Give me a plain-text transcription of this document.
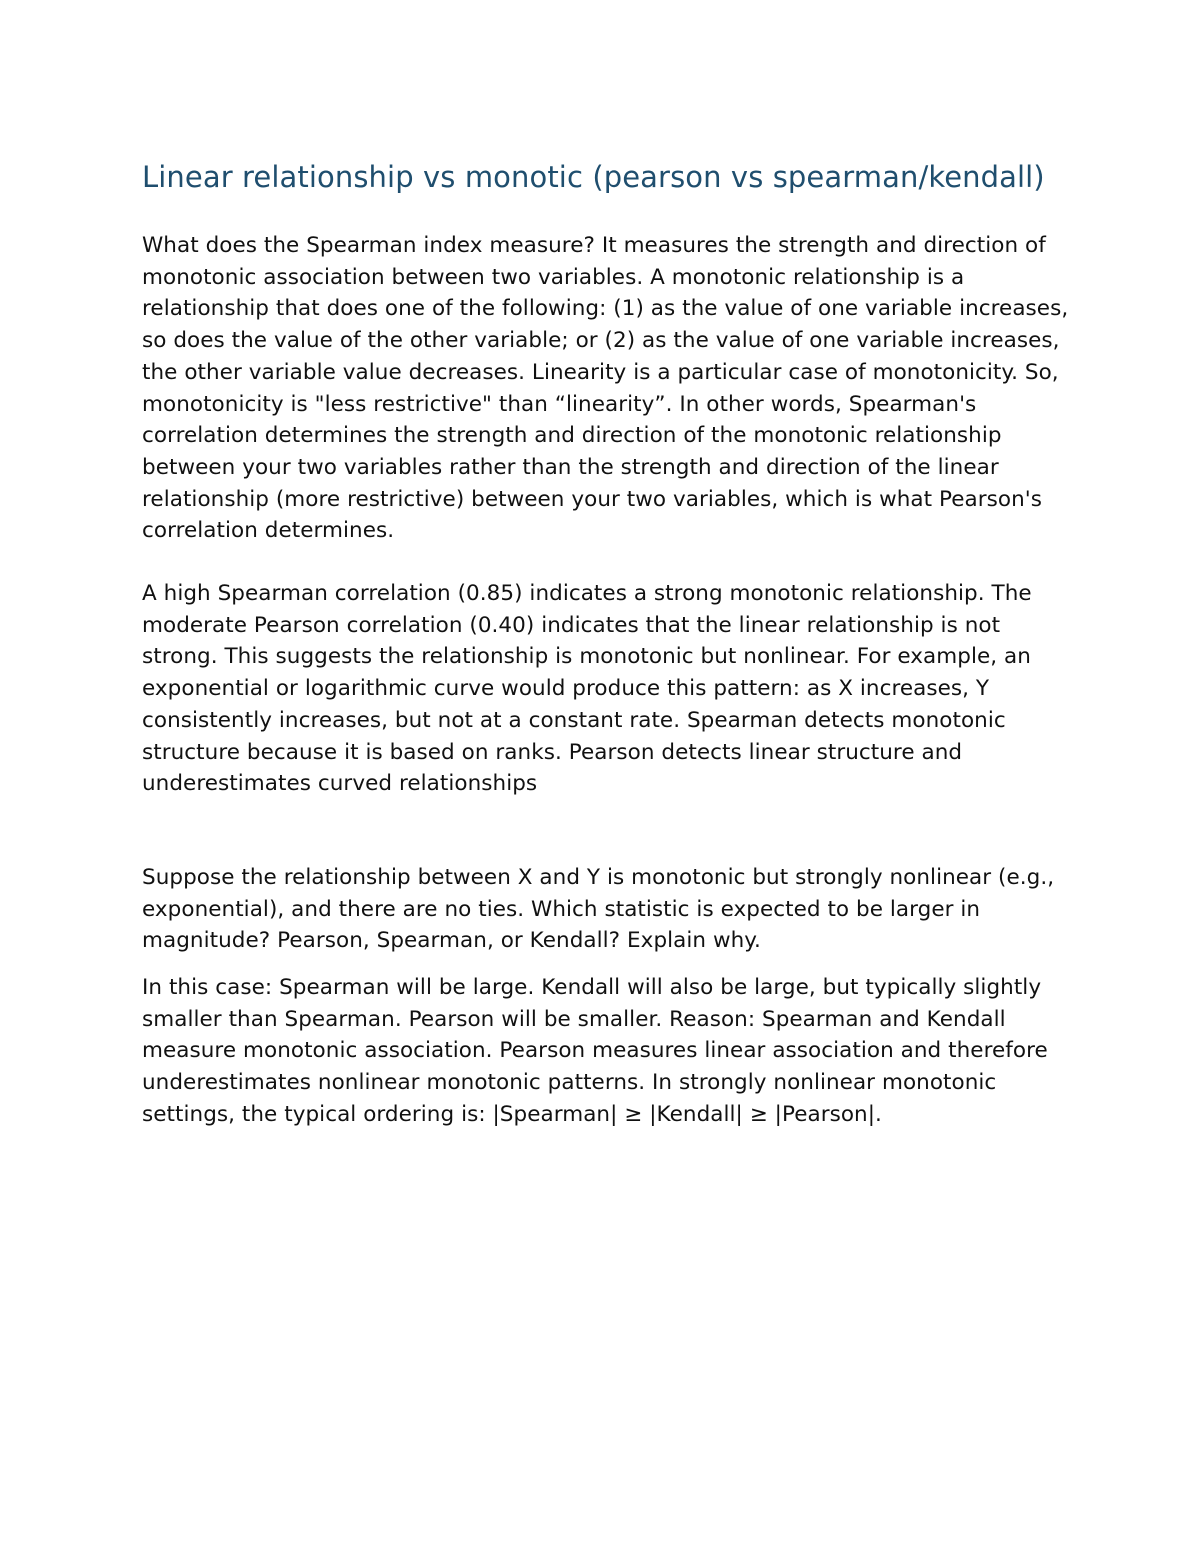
Linear relationship vs monotic (pearson vs spearman/kendall)

What does the Spearman index measure? It measures the strength and direction of monotonic association between two variables. A monotonic relationship is a relationship that does one of the following: (1) as the value of one variable increases, so does the value of the other variable; or (2) as the value of one variable increases, the other variable value decreases. Linearity is a particular case of monotonicity. So, monotonicity is "less restrictive" than “linearity”. In other words, Spearman's correlation determines the strength and direction of the monotonic relationship between your two variables rather than the strength and direction of the linear relationship (more restrictive) between your two variables, which is what Pearson's correlation determines.

A high Spearman correlation (0.85) indicates a strong monotonic relationship. The moderate Pearson correlation (0.40) indicates that the linear relationship is not strong. This suggests the relationship is monotonic but nonlinear. For example, an exponential or logarithmic curve would produce this pattern: as X increases, Y consistently increases, but not at a constant rate. Spearman detects monotonic structure because it is based on ranks. Pearson detects linear structure and underestimates curved relationships

Suppose the relationship between X and Y is monotonic but strongly nonlinear (e.g., exponential), and there are no ties. Which statistic is expected to be larger in magnitude? Pearson, Spearman, or Kendall? Explain why.

In this case: Spearman will be large. Kendall will also be large, but typically slightly smaller than Spearman. Pearson will be smaller. Reason: Spearman and Kendall measure monotonic association. Pearson measures linear association and therefore underestimates nonlinear monotonic patterns. In strongly nonlinear monotonic settings, the typical ordering is: |Spearman| ≥ |Kendall| ≥ |Pearson|.
